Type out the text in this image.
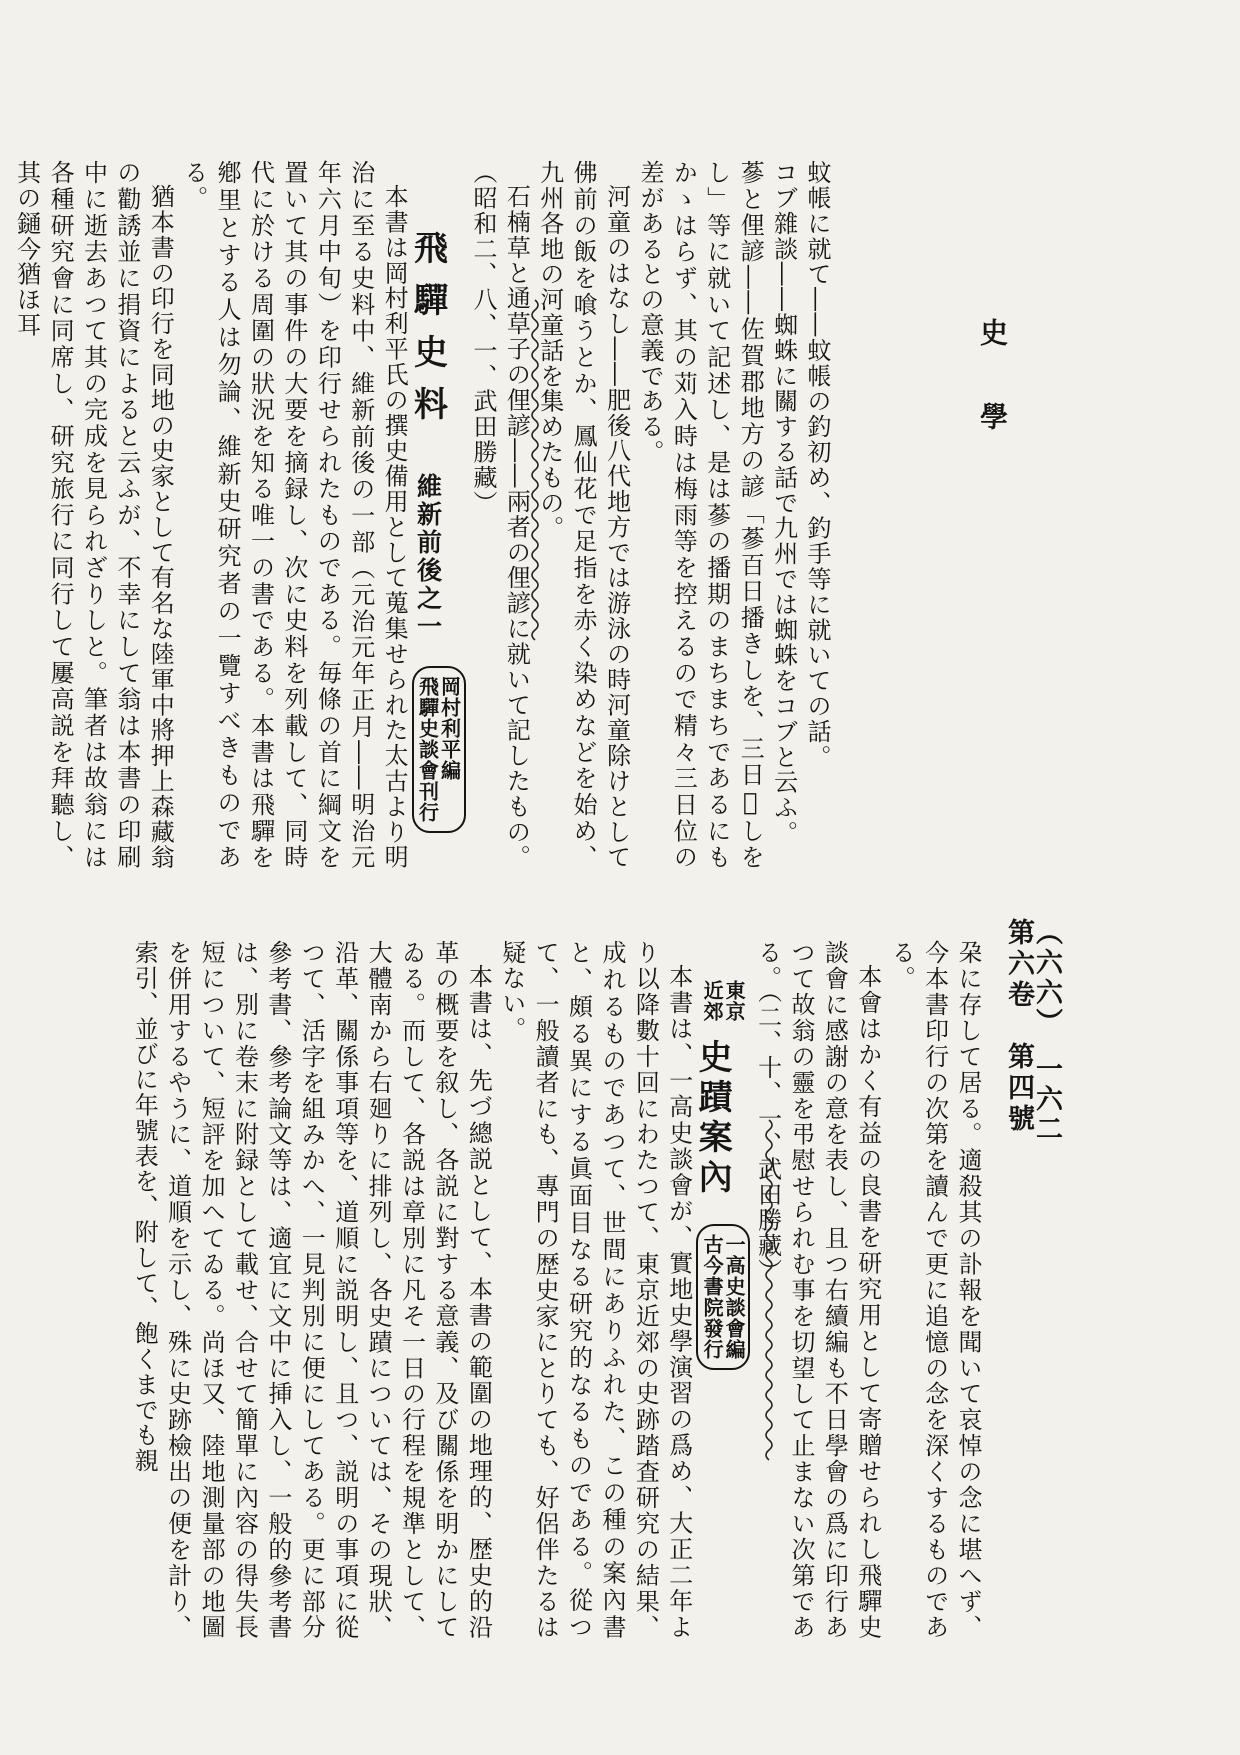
史學
第六卷　第四號
（六六）　一六二

蚊帳に就て――蚊帳の釣初め、釣手等に就いての話。

コブ雜談――蜘蛛に關する話で九州では蜘蛛をコブと云ふ。

蔘と俚諺――佐賀郡地方の諺「蔘百日播きしを、三日𣸽しをし」等に就いて記述し、是は蔘の播期のまちまちであるにもかゝはらず、其の苅入時は梅雨等を控えるので精々三日位の差があるとの意義である。

河童のはなし――肥後八代地方では游泳の時河童除けとして佛前の飯を喰うとか、鳳仙花で足指を赤く染めなどを始め、九州各地の河童話を集めたもの。

石楠草と通草子の俚諺――兩者の俚諺に就いて記したもの。（昭和二、八、一、武田勝藏）

飛驒史料 維新前後之一 岡村利平編
飛驒史談會刊行

本書は岡村利平氏の撰史備用として蒐集せられた太古より明治に至る史料中、維新前後の一部（元治元年正月――明治元年六月中旬）を印行せられたものである。毎條の首に綱文を置いて其の事件の大要を摘録し、次に史料を列載して、同時代に於ける周圍の狀況を知る唯一の書である。本書は飛驒を鄕里とする人は勿論、維新史研究者の一覽すべきものである。

猶本書の印行を同地の史家として有名な陸軍中將押上森藏翁の勸誘並に捐資によると云ふが、不幸にして翁は本書の印刷中に逝去あつて其の完成を見られざりしと。筆者は故翁には各種研究會に同席し、研究旅行に同行して屢高説を拜聽し、其の𨫤今猶ほ耳

朶に存して居る。適殺其の訃報を聞いて哀悼の念に堪へず、今本書印行の次第を讀んで更に追憶の念を深くするものである。

本會はかく有益の良書を研究用として寄贈せられし飛驒史談會に感謝の意を表し、且つ右續編も不日學會の爲に印行あつて故翁の靈を弔慰せられむ事を切望して止まない次第である。（二、十、一、武田勝藏）

東京
近郊 史蹟案內 一高史談會編
古今書院發行

本書は、一高史談會が、實地史學演習の爲め、大正二年より以降數十回にわたつて、東京近郊の史跡踏査研究の結果、成れるものであつて、世間にありふれた、この種の案內書と、頗る異にする眞面目なる研究的なるものである。從つて、一般讀者にも、專門の歴史家にとりても、好侶伴たるは疑ない。

本書は、先づ總説として、本書の範圍の地理的、歴史的沿革の概要を叙し、各説に對する意義、及び關係を明かにしてゐる。而して、各説は章別に凡そ一日の行程を規準として、大體南から右廻りに排列し、各史蹟については、その現狀、沿革、關係事項等を、道順に説明し、且つ、説明の事項に從つて、活字を組みかへ、一見判別に便にしてある。更に部分參考書、參考論文等は、適宜に文中に挿入し、一般的參考書は、別に卷末に附録として載せ、合せて簡單に內容の得失長短について、短評を加へてゐる。尚ほ又、陸地測量部の地圖を併用するやうに、道順を示し、殊に史跡檢出の便を計り、索引、並びに年號表を、附して、飽くまでも親
